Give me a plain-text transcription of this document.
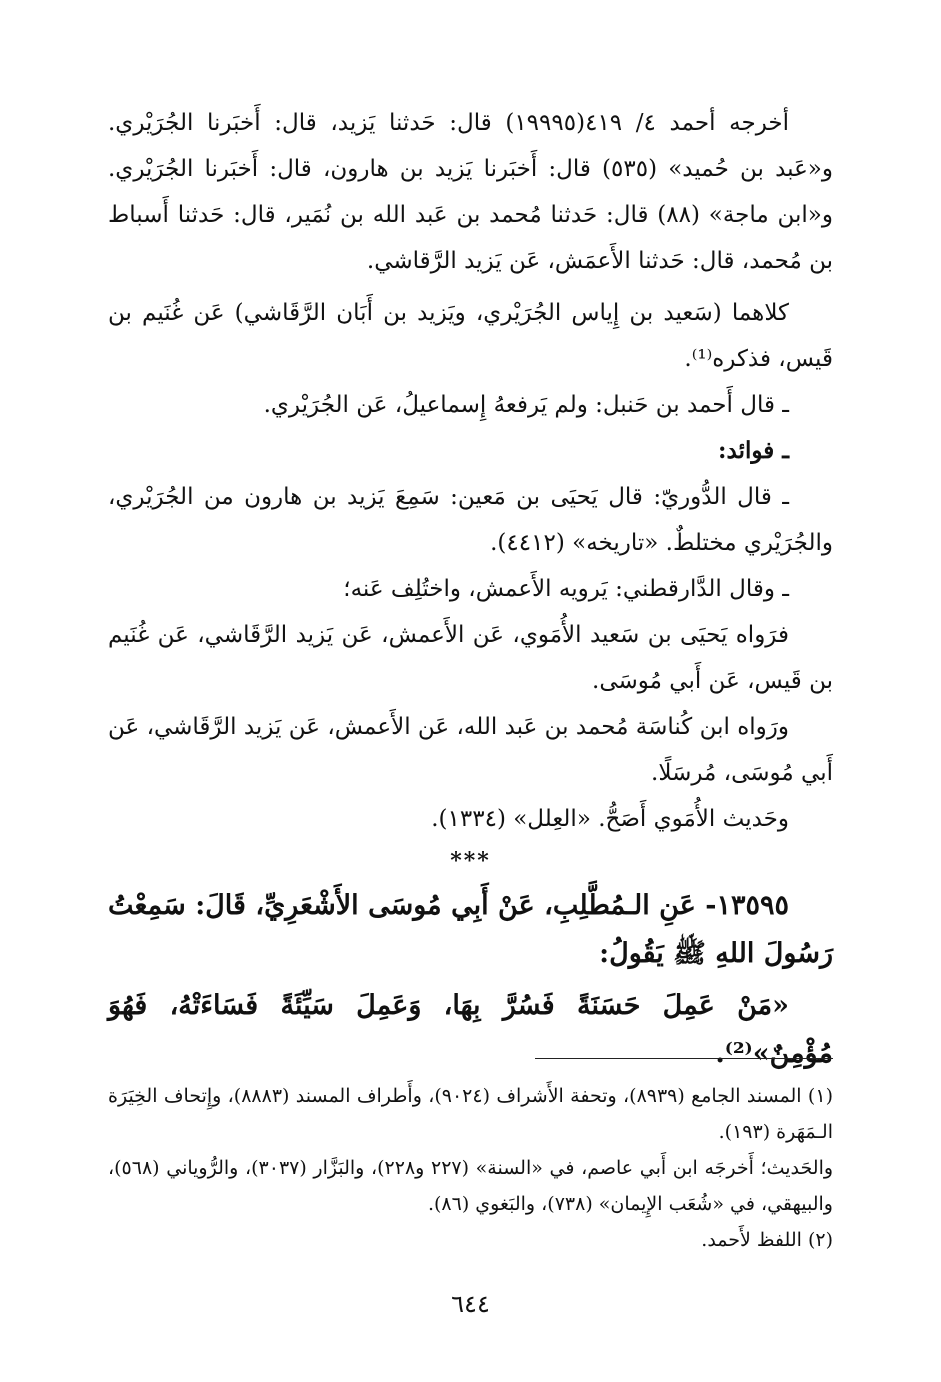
أخرجه أحمد ٤/ ٤١٩(١٩٩٩٥) قال: حَدثنا يَزيد، قال: أَخبَرنا الجُرَيْري. و«عَبد بن حُميد» (٥٣٥) قال: أَخبَرنا يَزيد بن هارون، قال: أَخبَرنا الجُرَيْري. و«ابن ماجة» (٨٨) قال: حَدثنا مُحمد بن عَبد الله بن نُمَير، قال: حَدثنا أَسباط بن مُحمد، قال: حَدثنا الأَعمَش، عَن يَزيد الرَّقاشي.

كلاهما (سَعيد بن إِياس الجُرَيْري، ويَزيد بن أَبَان الرَّقَاشي) عَن غُنَيم بن قَيس، فذكره⁽¹⁾.

ـ قال أَحمد بن حَنبل: ولم يَرفعهُ إِسماعيلُ، عَن الجُرَيْري.

ـ فوائد:

ـ قال الدُّوريّ: قال يَحيَى بن مَعين: سَمِعَ يَزيد بن هارون من الجُرَيْري، والجُرَيْري مختلطٌ. «تاريخه» (٤٤١٢).

ـ وقال الدَّارقطني: يَرويه الأَعمش، واختُلِف عَنه؛

فرَواه يَحيَى بن سَعيد الأُمَوي، عَن الأَعمش، عَن يَزيد الرَّقَاشي، عَن غُنَيم بن قَيس، عَن أَبي مُوسَى.

ورَواه ابن كُناسَة مُحمد بن عَبد الله، عَن الأَعمش، عَن يَزيد الرَّقَاشي، عَن أَبي مُوسَى، مُرسَلًا.

وحَديث الأُمَوي أَصَحُّ. «العِلل» (١٣٣٤).

***

١٣٥٩٥- عَنِ الـمُطَّلِبِ، عَنْ أَبِي مُوسَى الأَشْعَرِيِّ، قَالَ: سَمِعْتُ رَسُولَ اللهِ ﷺ يَقُولُ:

«مَنْ عَمِلَ حَسَنَةً فَسُرَّ بِهَا، وَعَمِلَ سَيِّئَةً فَسَاءَتْهُ، فَهُوَ مُؤْمِنٌ»⁽²⁾.

(١) المسند الجامع (٨٩٣٩)، وتحفة الأَشراف (٩٠٢٤)، وأَطراف المسند (٨٨٨٣)، وإِتحاف الخِيَرَة الـمَهَرة (١٩٣).

والحَديث؛ أَخرجَه ابن أَبي عاصم، في «السنة» (٢٢٧ و٢٢٨)، والبَزَّار (٣٠٣٧)، والرُّوياني (٥٦٨)، والبيهقي، في «شُعَب الإِيمان» (٧٣٨)، والبَغوي (٨٦).

(٢) اللفظ لأَحمد.

٦٤٤
